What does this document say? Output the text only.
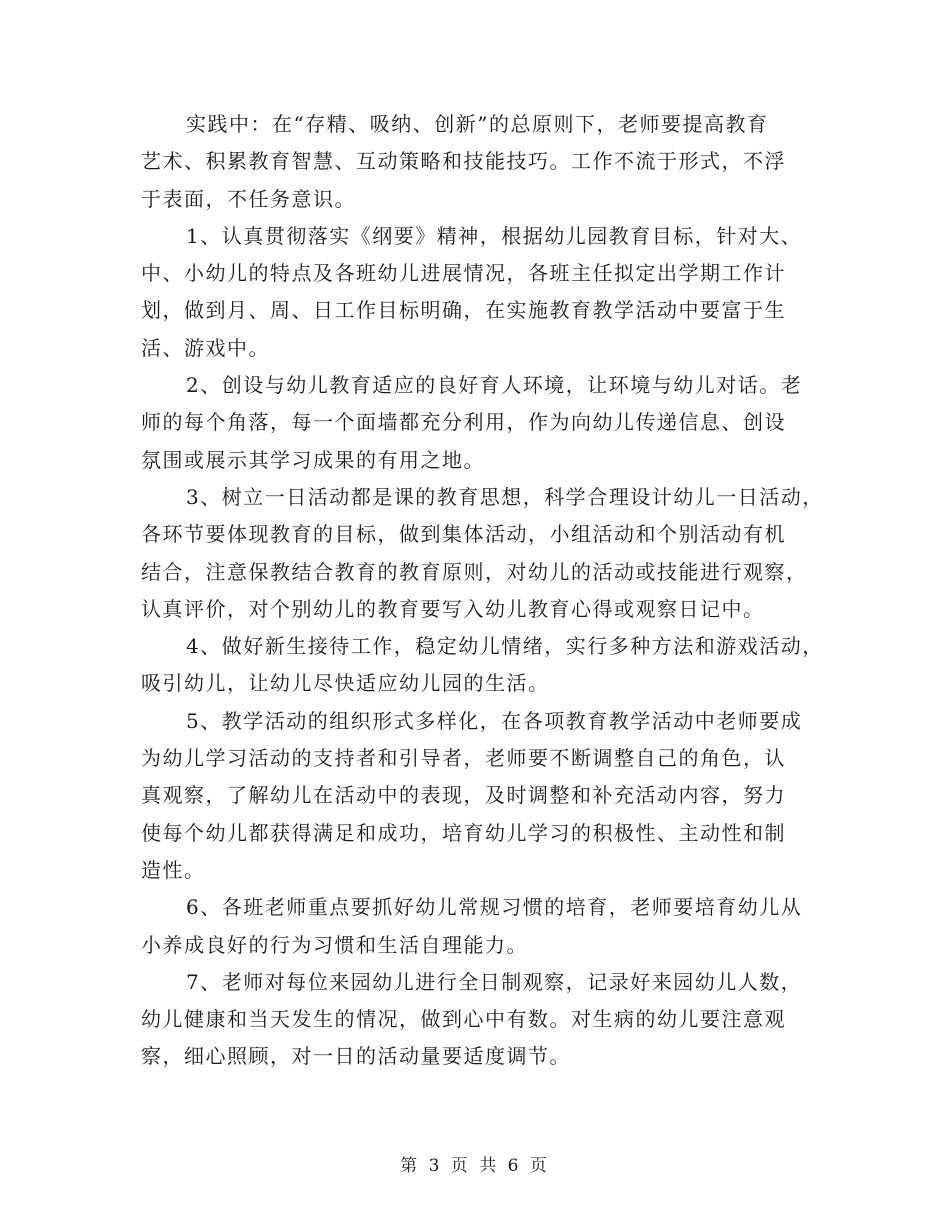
实践中：在“存精、吸纳、创新”的总原则下，老师要提高教育
艺术、积累教育智慧、互动策略和技能技巧。工作不流于形式，不浮
于表面，不任务意识。

1、认真贯彻落实《纲要》精神，根据幼儿园教育目标，针对大、
中、小幼儿的特点及各班幼儿进展情况，各班主任拟定出学期工作计
划，做到月、周、日工作目标明确，在实施教育教学活动中要富于生
活、游戏中。

2、创设与幼儿教育适应的良好育人环境，让环境与幼儿对话。老
师的每个角落，每一个面墙都充分利用，作为向幼儿传递信息、创设
氛围或展示其学习成果的有用之地。

3、树立一日活动都是课的教育思想，科学合理设计幼儿一日活动，
各环节要体现教育的目标，做到集体活动，小组活动和个别活动有机
结合，注意保教结合教育的教育原则，对幼儿的活动或技能进行观察，
认真评价，对个别幼儿的教育要写入幼儿教育心得或观察日记中。

4、做好新生接待工作，稳定幼儿情绪，实行多种方法和游戏活动，
吸引幼儿，让幼儿尽快适应幼儿园的生活。

5、教学活动的组织形式多样化，在各项教育教学活动中老师要成
为幼儿学习活动的支持者和引导者，老师要不断调整自己的角色，认
真观察，了解幼儿在活动中的表现，及时调整和补充活动内容，努力
使每个幼儿都获得满足和成功，培育幼儿学习的积极性、主动性和制
造性。

6、各班老师重点要抓好幼儿常规习惯的培育，老师要培育幼儿从
小养成良好的行为习惯和生活自理能力。

7、老师对每位来园幼儿进行全日制观察，记录好来园幼儿人数，
幼儿健康和当天发生的情况，做到心中有数。对生病的幼儿要注意观
察，细心照顾，对一日的活动量要适度调节。

第 3 页 共 6 页
